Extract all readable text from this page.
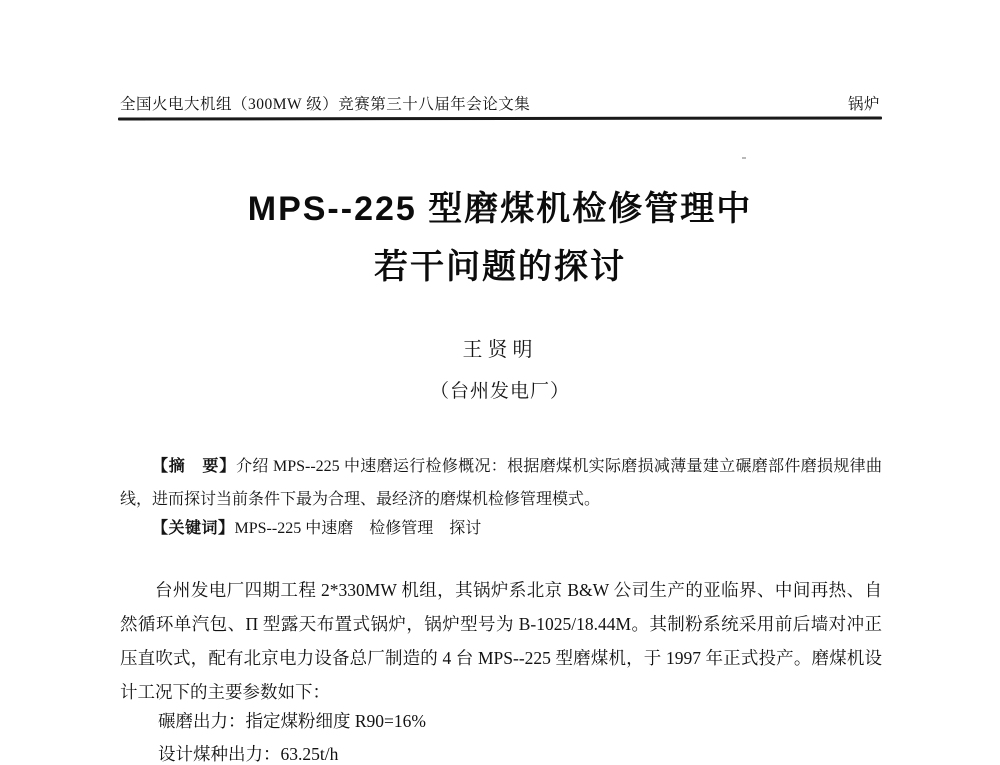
全国火电大机组（300MW 级）竞赛第三十八届年会论文集	锅炉
MPS--225 型磨煤机检修管理中
若干问题的探讨
王贤明
（台州发电厂）

【摘　要】介绍 MPS--225 中速磨运行检修概况：根据磨煤机实际磨损减薄量建立碾磨部件磨损规律曲线，进而探讨当前条件下最为合理、最经济的磨煤机检修管理模式。

【关键词】MPS--225 中速磨　检修管理　探讨

台州发电厂四期工程 2*330MW 机组，其锅炉系北京 B&W 公司生产的亚临界、中间再热、自然循环单汽包、Π 型露天布置式锅炉，锅炉型号为 B-1025/18.44M。其制粉系统采用前后墙对冲正压直吹式，配有北京电力设备总厂制造的 4 台 MPS--225 型磨煤机，于 1997 年正式投产。磨煤机设计工况下的主要参数如下：

碾磨出力：指定煤粉细度 R90=16%

设计煤种出力：63.25t/h
